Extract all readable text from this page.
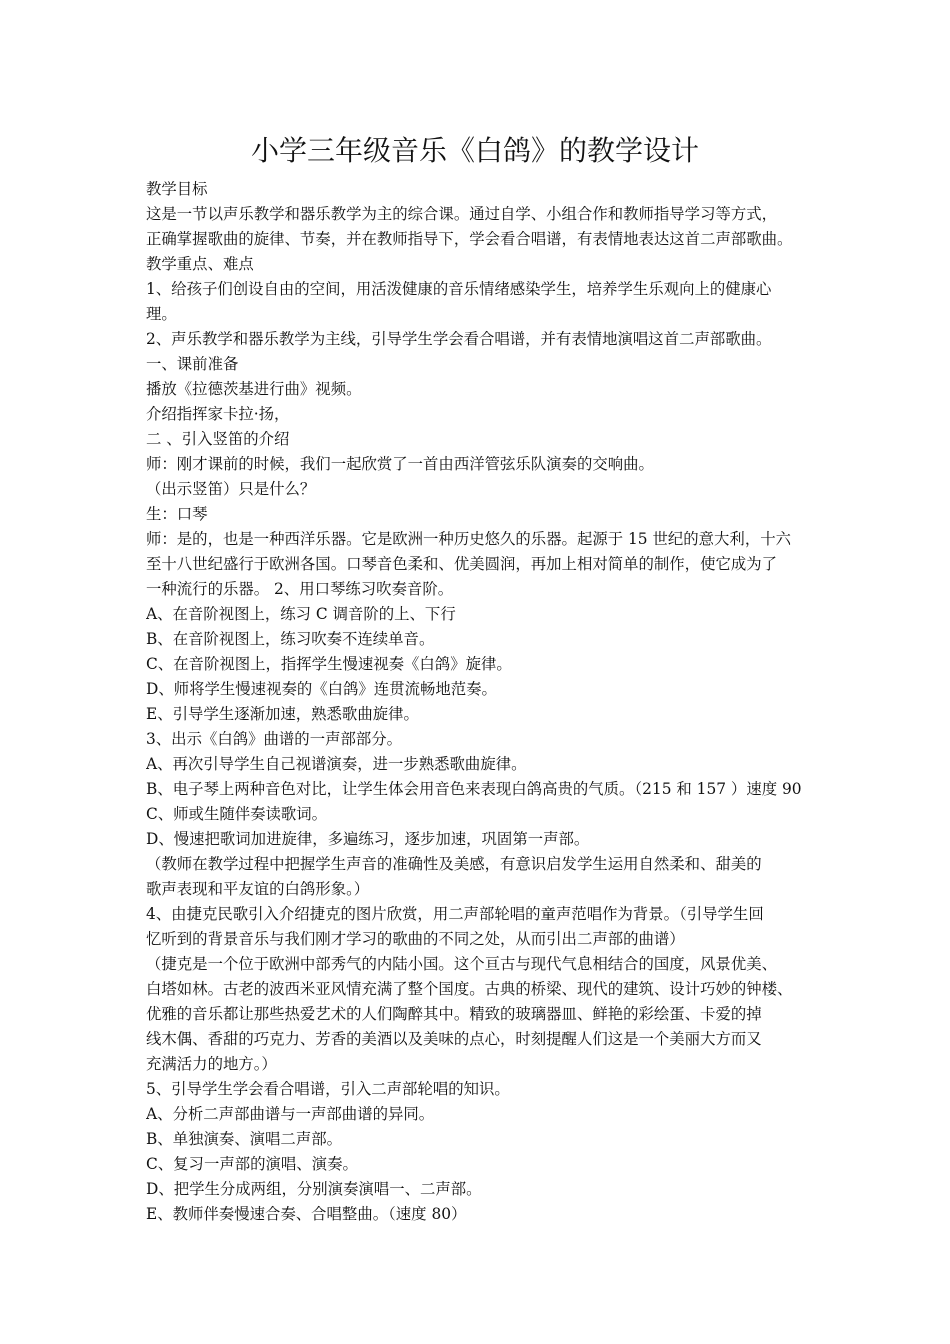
小学三年级音乐《白鸽》的教学设计
教学目标
这是一节以声乐教学和器乐教学为主的综合课。通过自学、小组合作和教师指导学习等方式，
正确掌握歌曲的旋律、节奏，并在教师指导下，学会看合唱谱，有表情地表达这首二声部歌曲。
教学重点、难点
1、给孩子们创设自由的空间，用活泼健康的音乐情绪感染学生，培养学生乐观向上的健康心
理。
2、声乐教学和器乐教学为主线，引导学生学会看合唱谱，并有表情地演唱这首二声部歌曲。
一、课前准备
播放《拉德茨基进行曲》视频。
介绍指挥家卡拉·扬，
二 、引入竖笛的介绍
师：刚才课前的时候，我们一起欣赏了一首由西洋管弦乐队演奏的交响曲。
（出示竖笛）只是什么？
生：口琴
师：是的，也是一种西洋乐器。它是欧洲一种历史悠久的乐器。起源于 15 世纪的意大利，十六
至十八世纪盛行于欧洲各国。口琴音色柔和、优美圆润，再加上相对简单的制作，使它成为了
一种流行的乐器。 2、用口琴练习吹奏音阶。
A、在音阶视图上，练习 C 调音阶的上、下行
B、在音阶视图上，练习吹奏不连续单音。
C、在音阶视图上，指挥学生慢速视奏《白鸽》旋律。
D、师将学生慢速视奏的《白鸽》连贯流畅地范奏。
E、引导学生逐渐加速，熟悉歌曲旋律。
3、出示《白鸽》曲谱的一声部部分。
A、再次引导学生自己视谱演奏，进一步熟悉歌曲旋律。
B、电子琴上两种音色对比，让学生体会用音色来表现白鸽高贵的气质。（215 和 157 ）速度 90
C、师或生随伴奏读歌词。
D、慢速把歌词加进旋律，多遍练习，逐步加速，巩固第一声部。
（教师在教学过程中把握学生声音的准确性及美感，有意识启发学生运用自然柔和、甜美的
歌声表现和平友谊的白鸽形象。）
4、由捷克民歌引入介绍捷克的图片欣赏，用二声部轮唱的童声范唱作为背景。（引导学生回
忆听到的背景音乐与我们刚才学习的歌曲的不同之处，从而引出二声部的曲谱）
（捷克是一个位于欧洲中部秀气的内陆小国。这个亘古与现代气息相结合的国度，风景优美、
白塔如林。古老的波西米亚风情充满了整个国度。古典的桥梁、现代的建筑、设计巧妙的钟楼、
优雅的音乐都让那些热爱艺术的人们陶醉其中。精致的玻璃器皿、鲜艳的彩绘蛋、卡爱的掉
线木偶、香甜的巧克力、芳香的美酒以及美味的点心，时刻提醒人们这是一个美丽大方而又
充满活力的地方。）
5、引导学生学会看合唱谱，引入二声部轮唱的知识。
A、分析二声部曲谱与一声部曲谱的异同。
B、单独演奏、演唱二声部。
C、复习一声部的演唱、演奏。
D、把学生分成两组，分别演奏演唱一、二声部。
E、教师伴奏慢速合奏、合唱整曲。（速度 80）
